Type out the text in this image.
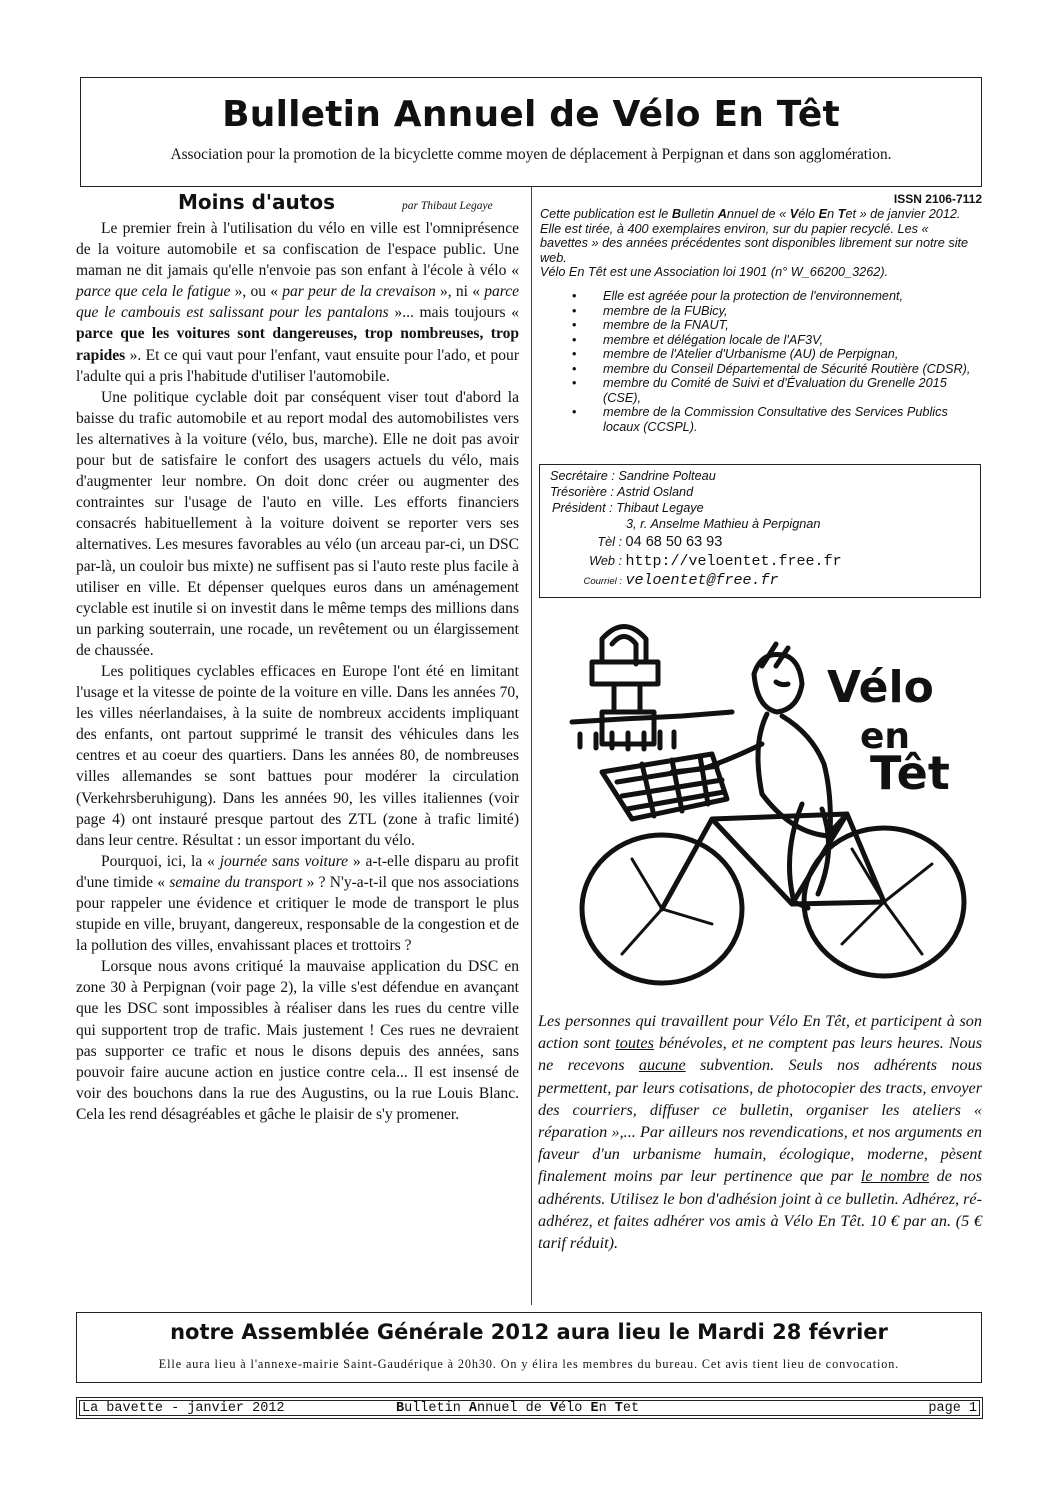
Bulletin Annuel de Vélo En Têt
Association pour la promotion de la bicyclette comme moyen de déplacement à Perpignan et dans son agglomération.
Moins d'autos	par Thibaut Legaye

Le premier frein à l'utilisation du vélo en ville est l'omniprésence de la voiture automobile et sa confiscation de l'espace public. Une maman ne dit jamais qu'elle n'envoie pas son enfant à l'école à vélo « parce que cela le fatigue », ou « par peur de la crevaison », ni « parce que le cambouis est salissant pour les pantalons »... mais toujours « parce que les voitures sont dangereuses, trop nombreuses, trop rapides ». Et ce qui vaut pour l'enfant, vaut ensuite pour l'ado, et pour l'adulte qui a pris l'habitude d'utiliser l'automobile.

Une politique cyclable doit par conséquent viser tout d'abord la baisse du trafic automobile et au report modal des automobilistes vers les alternatives à la voiture (vélo, bus, marche). Elle ne doit pas avoir pour but de satisfaire le confort des usagers actuels du vélo, mais d'augmenter leur nombre. On doit donc créer ou augmenter des contraintes sur l'usage de l'auto en ville. Les efforts financiers consacrés habituellement à la voiture doivent se reporter vers ses alternatives. Les mesures favorables au vélo (un arceau par-ci, un DSC par-là, un couloir bus mixte) ne suffisent pas si l'auto reste plus facile à utiliser en ville. Et dépenser quelques euros dans un aménagement cyclable est inutile si on investit dans le même temps des millions dans un parking souterrain, une rocade, un revêtement ou un élargissement de chaussée.

Les politiques cyclables efficaces en Europe l'ont été en limitant l'usage et la vitesse de pointe de la voiture en ville. Dans les années 70, les villes néerlandaises, à la suite de nombreux accidents impliquant des enfants, ont partout supprimé le transit des véhicules dans les centres et au coeur des quartiers. Dans les années 80, de nombreuses villes allemandes se sont battues pour modérer la circulation (Verkehrsberuhigung). Dans les années 90, les villes italiennes (voir page 4) ont instauré presque partout des ZTL (zone à trafic limité) dans leur centre. Résultat : un essor important du vélo.

Pourquoi, ici, la « journée sans voiture » a-t-elle disparu au profit d'une timide « semaine du transport » ? N'y-a-t-il que nos associations pour rappeler une évidence et critiquer le mode de transport le plus stupide en ville, bruyant, dangereux, responsable de la congestion et de la pollution des villes, envahissant places et trottoirs ?

Lorsque nous avons critiqué la mauvaise application du DSC en zone 30 à Perpignan (voir page 2), la ville s'est défendue en avançant que les DSC sont impossibles à réaliser dans les rues du centre ville qui supportent trop de trafic. Mais justement ! Ces rues ne devraient pas supporter ce trafic et nous le disons depuis des années, sans pouvoir faire aucune action en justice contre cela... Il est insensé de voir des bouchons dans la rue des Augustins, ou la rue Louis Blanc. Cela les rend désagréables et gâche le plaisir de s'y promener.

ISSN 2106-7112

Cette publication est le Bulletin Annuel de « Vélo En Tet » de janvier 2012. Elle est tirée, à 400 exemplaires environ, sur du papier recyclé. Les « bavettes » des années précédentes sont disponibles librement sur notre site web.

Vélo En Têt est une Association loi 1901 (n° W_66200_3262).

• Elle est agréée pour la protection de l'environnement,
• membre de la FUBicy,
• membre de la FNAUT,
• membre et délégation locale de l'AF3V,
• membre de l'Atelier d'Urbanisme (AU) de Perpignan,
• membre du Conseil Départemental de Sécurité Routière (CDSR),
• membre du Comité de Suivi et d'Évaluation du Grenelle 2015 (CSE),
• membre de la Commission Consultative des Services Publics locaux (CCSPL).
Secrétaire : Sandrine Polteau
Trésorière : Astrid Osland
Président : Thibaut Legaye
3, r. Anselme Mathieu à Perpignan
Tèl : 04 68 50 63 93
Web : http://veloentet.free.fr
Courriel : veloentet@free.fr
Vélo
en
Têt
Les personnes qui travaillent pour Vélo En Têt, et participent à son action sont toutes bénévoles, et ne comptent pas leurs heures. Nous ne recevons aucune subvention. Seuls nos adhérents nous permettent, par leurs cotisations, de photocopier des tracts, envoyer des courriers, diffuser ce bulletin, organiser les ateliers « réparation »,... Par ailleurs nos revendications, et nos arguments en faveur d'un urbanisme humain, écologique, moderne, pèsent finalement moins par leur pertinence que par le nombre de nos adhérents. Utilisez le bon d'adhésion joint à ce bulletin. Adhérez, ré-adhérez, et faites adhérer vos amis à Vélo En Têt. 10 € par an. (5 € tarif réduit).
notre Assemblée Générale 2012 aura lieu le Mardi 28 février
Elle aura lieu à l'annexe-mairie Saint-Gaudérique à 20h30. On y élira les membres du bureau. Cet avis tient lieu de convocation.
La bavette - janvier 2012	Bulletin Annuel de Vélo En Tet	page 1
